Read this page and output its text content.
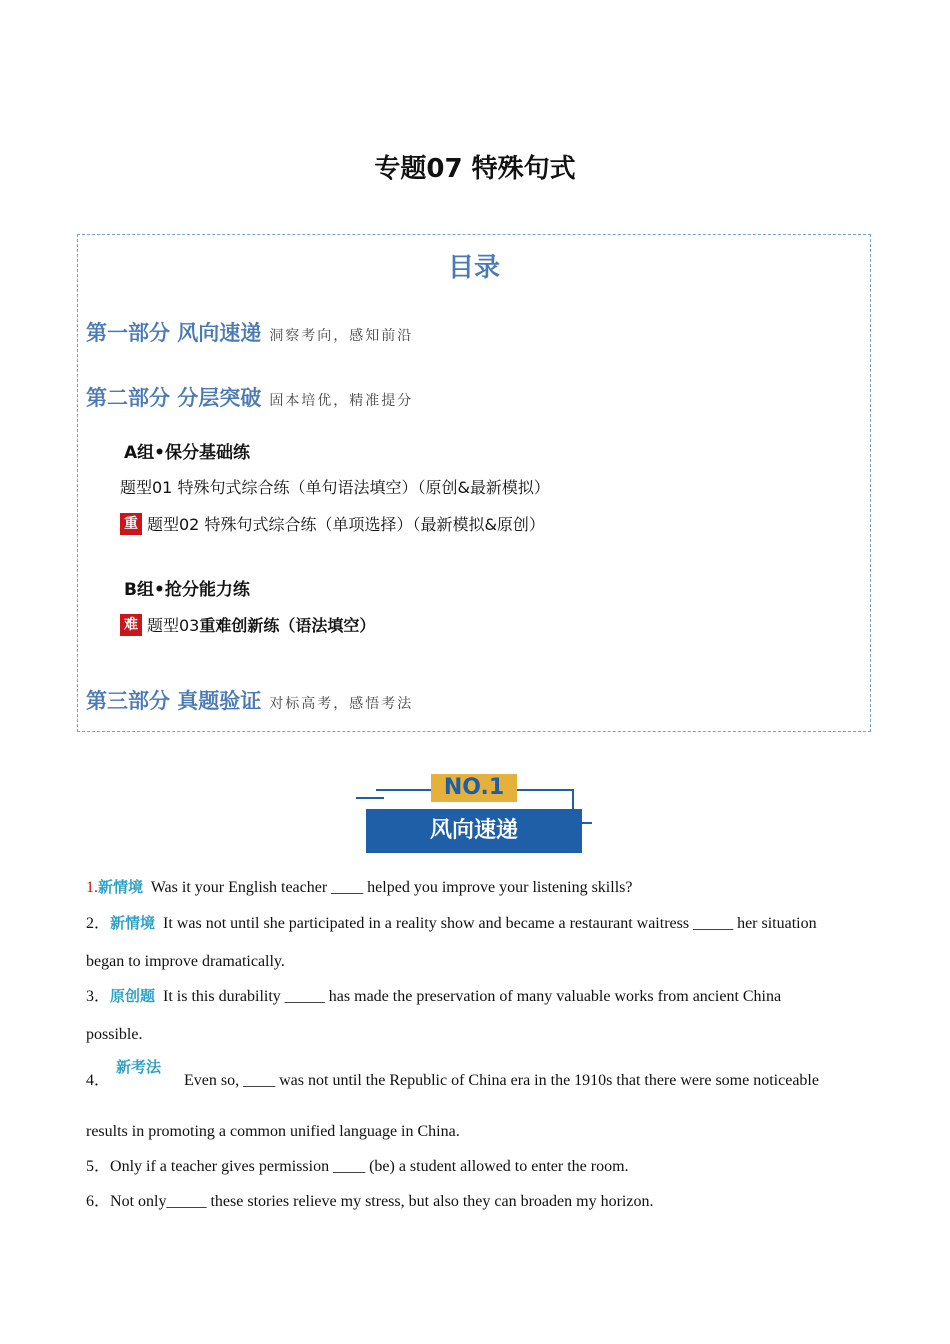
专题07 特殊句式
目录
第一部分 风向速递 洞察考向，感知前沿
第二部分 分层突破 固本培优，精准提分
A组•保分基础练
题型01 特殊句式综合练（单句语法填空）（原创&最新模拟）
重 题型02 特殊句式综合练（单项选择）（最新模拟&原创）
B组•抢分能力练
难 题型03 重难创新练（语法填空）
第三部分 真题验证 对标高考，感悟考法
NO.1
风向速递
1.新情境 Was it your English teacher ____ helped you improve your listening skills?
2．新情境 It was not until she participated in a reality show and became a restaurant waitress _____ her situation
began to improve dramatically.
3．原创题 It is this durability _____ has made the preservation of many valuable works from ancient China
possible.
新考法
4．	Even so, ____ was not until the Republic of China era in the 1910s that there were some noticeable
results in promoting a common unified language in China.
5．Only if a teacher gives permission ____ (be) a student allowed to enter the room.
6．Not only_____ these stories relieve my stress, but also they can broaden my horizon.
